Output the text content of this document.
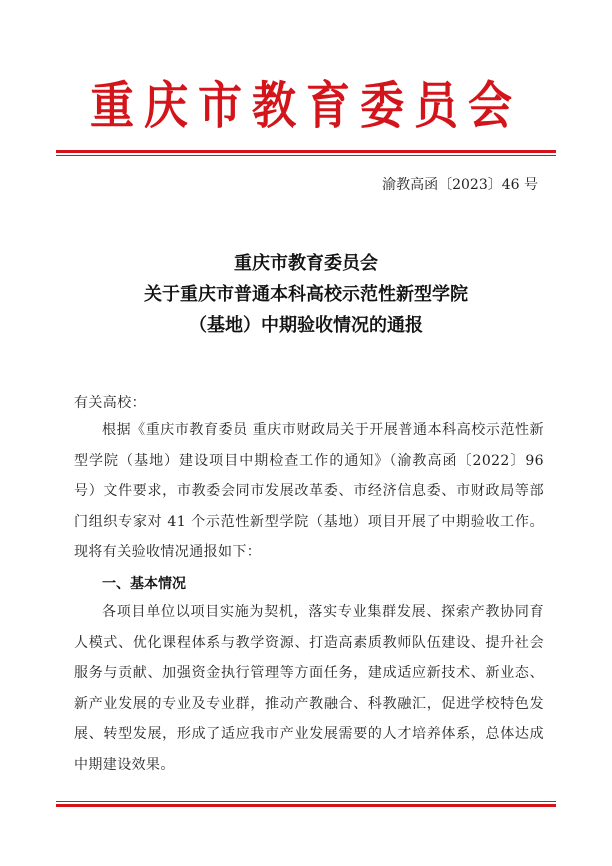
重庆市教育委员会
渝教高函〔2023〕46 号
重庆市教育委员会
关于重庆市普通本科高校示范性新型学院
（基地）中期验收情况的通报
有关高校：
根据《重庆市教育委员 重庆市财政局关于开展普通本科高校示范性新型学院（基地）建设项目中期检查工作的通知》（渝教高函〔2022〕96 号）文件要求，市教委会同市发展改革委、市经济信息委、市财政局等部门组织专家对 41 个示范性新型学院（基地）项目开展了中期验收工作。现将有关验收情况通报如下：
一、基本情况
各项目单位以项目实施为契机，落实专业集群发展、探索产教协同育人模式、优化课程体系与教学资源、打造高素质教师队伍建设、提升社会服务与贡献、加强资金执行管理等方面任务，建成适应新技术、新业态、新产业发展的专业及专业群，推动产教融合、科教融汇，促进学校特色发展、转型发展，形成了适应我市产业发展需要的人才培养体系，总体达成中期建设效果。
